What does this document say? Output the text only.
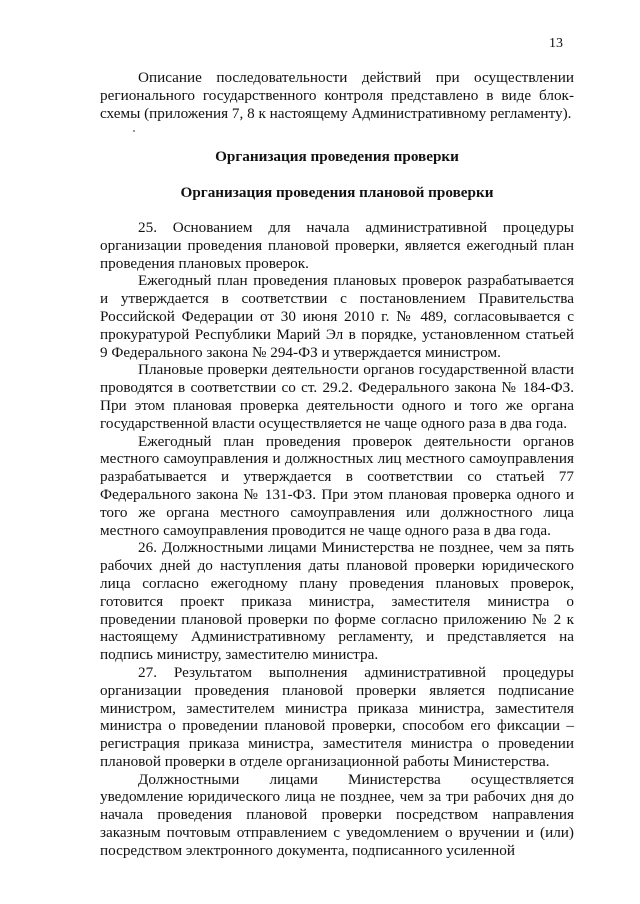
13

Описание последовательности действий при осуществлении регионального государственного контроля представлено в виде блок-схемы (приложения 7, 8 к настоящему Административному регламенту).

Организация проведения проверки

Организация проведения плановой проверки

25. Основанием для начала административной процедуры организации проведения плановой проверки, является ежегодный план проведения плановых проверок.

Ежегодный план проведения плановых проверок разрабатывается и утверждается в соответствии с постановлением Правительства Российской Федерации от 30 июня 2010 г. № 489, согласовывается с прокуратурой Республики Марий Эл в порядке, установленном статьей 9 Федерального закона № 294-ФЗ и утверждается министром.

Плановые проверки деятельности органов государственной власти проводятся в соответствии со ст. 29.2. Федерального закона № 184-ФЗ. При этом плановая проверка деятельности одного и того же органа государственной власти осуществляется не чаще одного раза в два года.

Ежегодный план проведения проверок деятельности органов местного самоуправления и должностных лиц местного самоуправления разрабатывается и утверждается в соответствии со статьей 77 Федерального закона № 131-ФЗ. При этом плановая проверка одного и того же органа местного самоуправления или должностного лица местного самоуправления проводится не чаще одного раза в два года.

26. Должностными лицами Министерства не позднее, чем за пять рабочих дней до наступления даты плановой проверки юридического лица согласно ежегодному плану проведения плановых проверок, готовится проект приказа министра, заместителя министра о проведении плановой проверки по форме согласно приложению № 2 к настоящему Административному регламенту, и представляется на подпись министру, заместителю министра.

27. Результатом выполнения административной процедуры организации проведения плановой проверки является подписание министром, заместителем министра приказа министра, заместителя министра о проведении плановой проверки, способом его фиксации – регистрация приказа министра, заместителя министра о проведении плановой проверки в отделе организационной работы Министерства.

Должностными лицами Министерства осуществляется уведомление юридического лица не позднее, чем за три рабочих дня до начала проведения плановой проверки посредством направления заказным почтовым отправлением с уведомлением о вручении и (или) посредством электронного документа, подписанного усиленной
